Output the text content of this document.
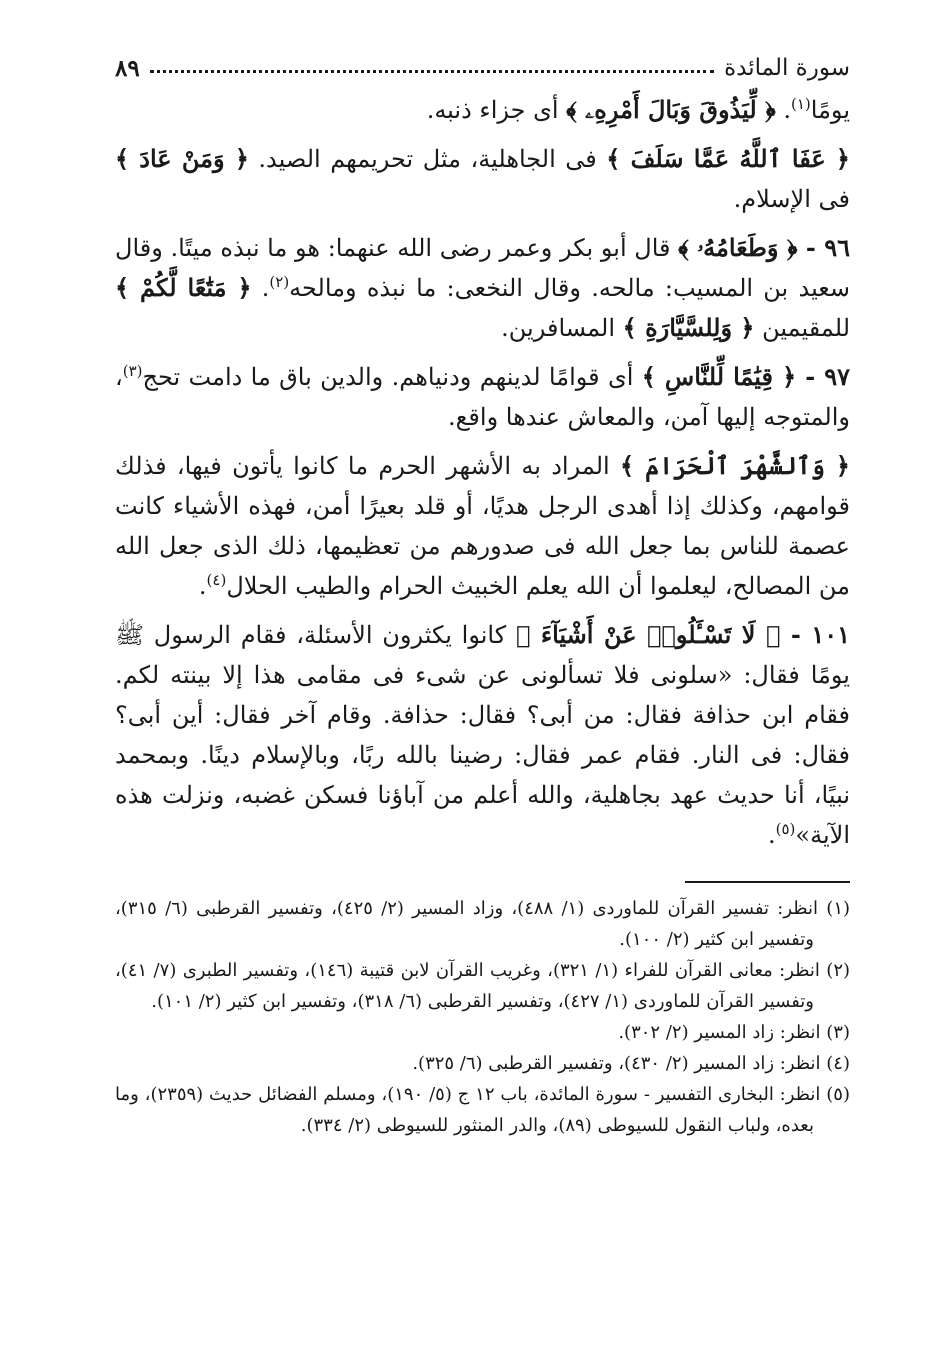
سورة المائدة
٨٩

يومًا$^{(١)}$. ﴿ لِّيَذُوقَ وَبَالَ أَمْرِهِۦ ﴾ أى جزاء ذنبه.

﴿ عَفَا ٱللَّهُ عَمَّا سَلَفَ ﴾ فى الجاهلية، مثل تحريمهم الصيد. ﴿ وَمَنْ عَادَ ﴾ فى الإسلام.

٩٦ - ﴿ وَطَعَامُهُۥ ﴾ قال أبو بكر وعمر رضى الله عنهما: هو ما نبذه ميتًا. وقال سعيد بن المسيب: مالحه. وقال النخعى: ما نبذه ومالحه$^{(٢)}$. ﴿ مَتَٰعًا لَّكُمْ ﴾ للمقيمين ﴿ وَلِلسَّيَّارَةِ ﴾ المسافرين.

٩٧ - ﴿ قِيَٰمًا لِّلنَّاسِ ﴾ أى قوامًا لدينهم ودنياهم. والدين باق ما دامت تحج$^{(٣)}$، والمتوجه إليها آمن، والمعاش عندها واقع.

﴿ وَٱلشَّهْرَ ٱلْحَرَامَ ﴾ المراد به الأشهر الحرم ما كانوا يأتون فيها، فذلك قوامهم، وكذلك إذا أهدى الرجل هديًا، أو قلد بعيرًا أمن، فهذه الأشياء كانت عصمة للناس بما جعل الله فى صدورهم من تعظيمها، ذلك الذى جعل الله من المصالح، ليعلموا أن الله يعلم الخبيث الحرام والطيب الحلال$^{(٤)}$.

١٠١ - ﴿ لَا تَسْـَٔلُوا۟ عَنْ أَشْيَآءَ ﴾ كانوا يكثرون الأسئلة، فقام الرسول ﷺ يومًا فقال: «سلونى فلا تسألونى عن شىء فى مقامى هذا إلا بينته لكم. فقام ابن حذافة فقال: من أبى؟ فقال: حذافة. وقام آخر فقال: أين أبى؟ فقال: فى النار. فقام عمر فقال: رضينا بالله ربًا، وبالإسلام دينًا. وبمحمد نبيًا، أنا حديث عهد بجاهلية، والله أعلم من آباؤنا فسكن غضبه، ونزلت هذه الآية»$^{(٥)}$.

(١) انظر: تفسير القرآن للماوردى (١/ ٤٨٨)، وزاد المسير (٢/ ٤٢٥)، وتفسير القرطبى (٦/ ٣١٥)، وتفسير ابن كثير (٢/ ١٠٠).

(٢) انظر: معانى القرآن للفراء (١/ ٣٢١)، وغريب القرآن لابن قتيبة (١٤٦)، وتفسير الطبرى (٧/ ٤١)، وتفسير القرآن للماوردى (١/ ٤٢٧)، وتفسير القرطبى (٦/ ٣١٨)، وتفسير ابن كثير (٢/ ١٠١).

(٣) انظر: زاد المسير (٢/ ٣٠٢).

(٤) انظر: زاد المسير (٢/ ٤٣٠)، وتفسير القرطبى (٦/ ٣٢٥).

(٥) انظر: البخارى التفسير - سورة المائدة، باب ١٢ ج (٥/ ١٩٠)، ومسلم الفضائل حديث (٢٣٥٩)، وما بعده، ولباب النقول للسيوطى (٨٩)، والدر المنثور للسيوطى (٢/ ٣٣٤).
